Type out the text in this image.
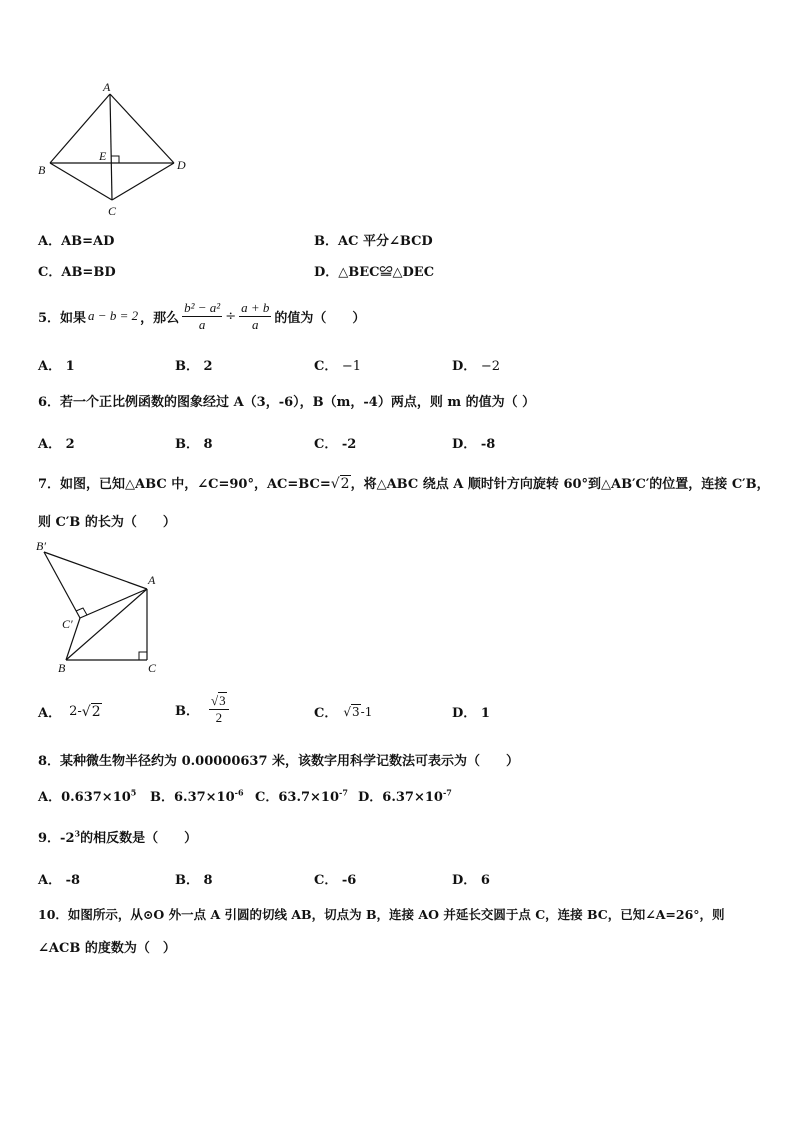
A
B
C
D
E
A．AB=AD	B．AC 平分∠BCD
C．AB=BD	D．△BEC≌△DEC
5．如果 a − b = 2 ，那么 $\frac{\text{b² − a²}}{a} \div \frac{a + b}{a}$ 的值为（　　）
A． 1	B． 2	C． −1	D． −2
6．若一个正比例函数的图象经过 A（3，-6），B（m，-4）两点，则 m 的值为（ ）
A． 2	B． 8	C． -2	D． -8
7．如图，已知△ABC 中，∠C=90°，AC=BC=√2，将△ABC 绕点 A 顺时针方向旋转 60°到△AB′C′的位置，连接 C′B，
则 C′B 的长为（　　）
B′
A
C′
B	C
A． 2- √2	B． $\frac{√3}{2}$	C． √3 -1	D． 1
8．某种微生物半径约为 0.00000637 米，该数字用科学记数法可表示为（　　）
A．$0.637\times 10^5$ B．$6.37\times 10^{-6}$ C．$63.7\times 10^{-7}$ D．$6.37\times 10^{-7}$
9．$-2^3$的相反数是（　　）
A． -8	B． 8	C． -6	D． 6
10．如图所示，从⊙O 外一点 A 引圆的切线 AB，切点为 B，连接 AO 并延长交圆于点 C，连接 BC，已知∠A=26°，则
∠ACB 的度数为（　）
